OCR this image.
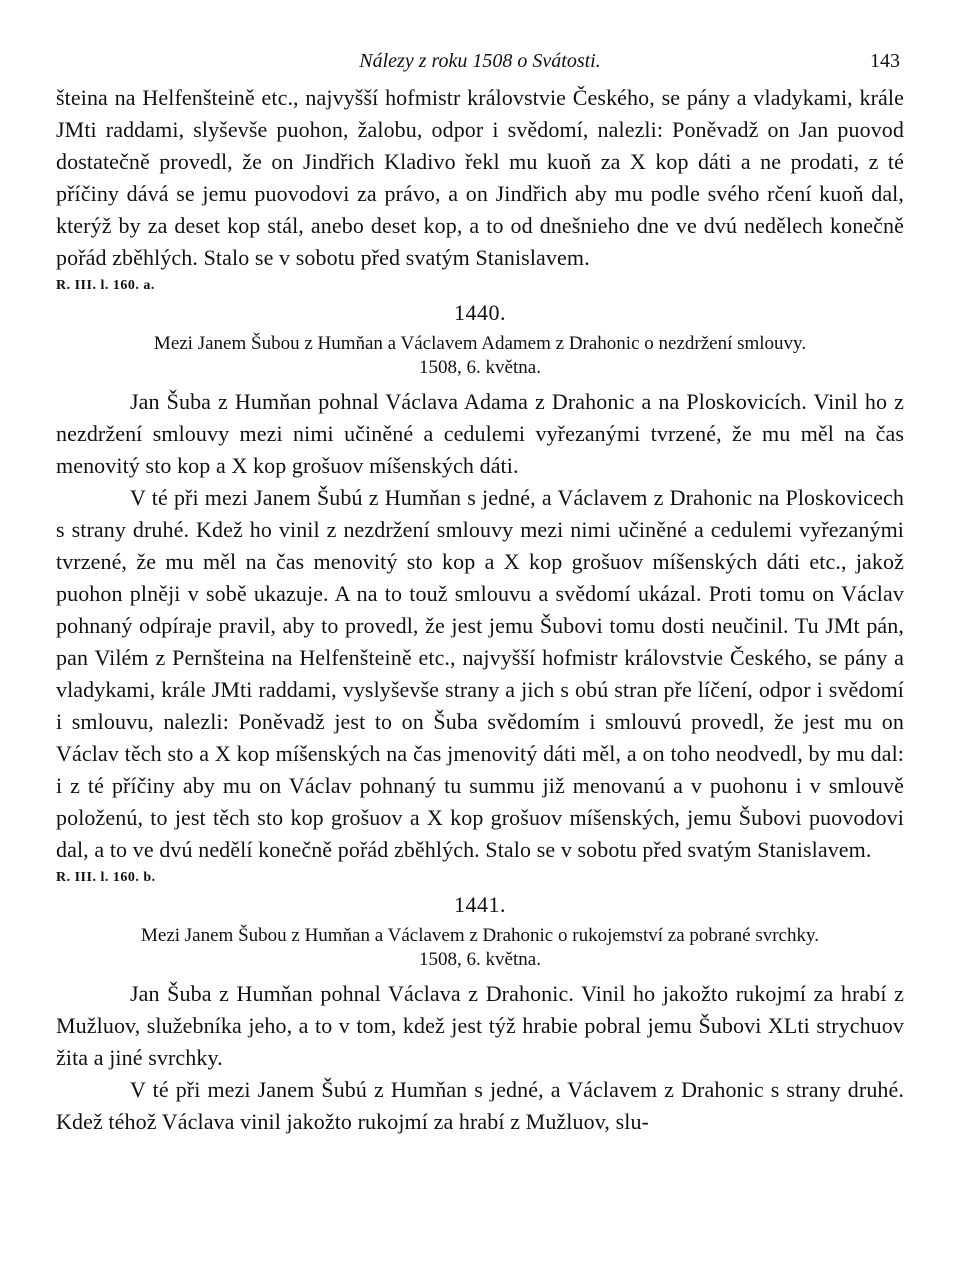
Nálezy z roku 1508 o Svátosti.	143

šteina na Helfenšteině etc., najvyšší hofmistr královstvie Českého, se pány a vladykami, krále JMti raddami, slyševše puohon, žalobu, odpor i svědomí, nalezli: Poněvadž on Jan puovod dostatečně provedl, že on Jindřich Kladivo řekl mu kuoň za X kop dáti a ne prodati, z té příčiny dává se jemu puovodovi za právo, a on Jindřich aby mu podle svého rčení kuoň dal, kterýž by za deset kop stál, anebo deset kop, a to od dnešnieho dne ve dvú nedělech konečně pořád zběhlých. Stalo se v sobotu před svatým Stanislavem.

R. III. l. 160. a.
1440.

Mezi Janem Šubou z Humňan a Václavem Adamem z Drahonic o nezdržení smlouvy.

1508, 6. května.

Jan Šuba z Humňan pohnal Václava Adama z Drahonic a na Ploskovicích. Vinil ho z nezdržení smlouvy mezi nimi učiněné a cedulemi vyřezanými tvrzené, že mu měl na čas menovitý sto kop a X kop grošuov míšenských dáti.

V té při mezi Janem Šubú z Humňan s jedné, a Václavem z Drahonic na Ploskovicech s strany druhé. Kdež ho vinil z nezdržení smlouvy mezi nimi učiněné a cedulemi vyřezanými tvrzené, že mu měl na čas menovitý sto kop a X kop grošuov míšenských dáti etc., jakož puohon plněji v sobě ukazuje. A na to touž smlouvu a svědomí ukázal. Proti tomu on Václav pohnaný odpíraje pravil, aby to provedl, že jest jemu Šubovi tomu dosti neučinil. Tu JMt pán, pan Vilém z Pernšteina na Helfenšteině etc., najvyšší hofmistr královstvie Českého, se pány a vladykami, krále JMti raddami, vyslyševše strany a jich s obú stran pře líčení, odpor i svědomí i smlouvu, nalezli: Poněvadž jest to on Šuba svědomím i smlouvú provedl, že jest mu on Václav těch sto a X kop míšenských na čas jmenovitý dáti měl, a on toho neodvedl, by mu dal: i z té příčiny aby mu on Václav pohnaný tu summu již menovanú a v puohonu i v smlouvě položenú, to jest těch sto kop grošuov a X kop grošuov míšenských, jemu Šubovi puovodovi dal, a to ve dvú nedělí konečně pořád zběhlých. Stalo se v sobotu před svatým Stanislavem.

R. III. l. 160. b.
1441.

Mezi Janem Šubou z Humňan a Václavem z Drahonic o rukojemství za pobrané svrchky.

1508, 6. května.

Jan Šuba z Humňan pohnal Václava z Drahonic. Vinil ho jakožto rukojmí za hrabí z Mužluov, služebníka jeho, a to v tom, kdež jest týž hrabie pobral jemu Šubovi XLti strychuov žita a jiné svrchky.

V té při mezi Janem Šubú z Humňan s jedné, a Václavem z Drahonic s strany druhé. Kdež téhož Václava vinil jakožto rukojmí za hrabí z Mužluov, slu-
